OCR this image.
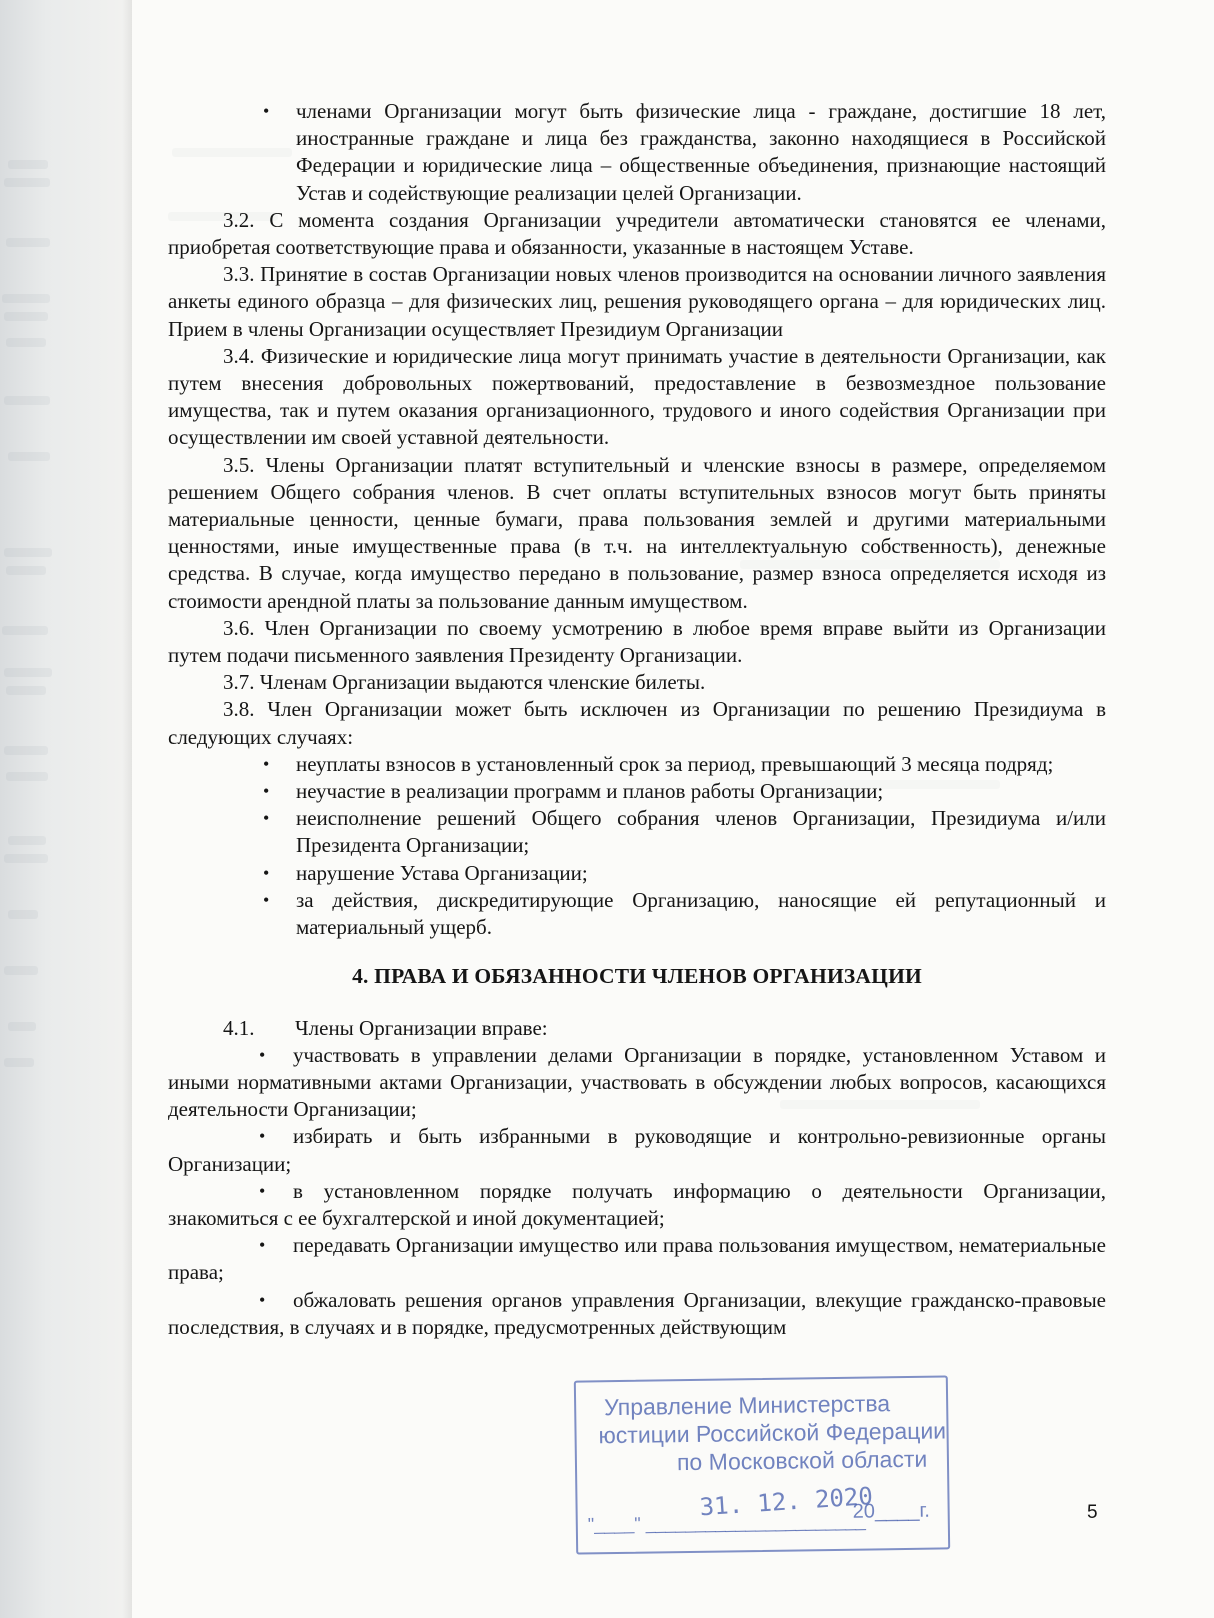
• членами Организации могут быть физические лица - граждане, достигшие 18 лет, иностранные граждане и лица без гражданства, законно находящиеся в Российской Федерации и юридические лица – общественные объединения, признающие настоящий Устав и содействующие реализации целей Организации.

3.2. С момента создания Организации учредители автоматически становятся ее членами, приобретая соответствующие права и обязанности, указанные в настоящем Уставе.

3.3. Принятие в состав Организации новых членов производится на основании личного заявления анкеты единого образца – для физических лиц, решения руководящего органа – для юридических лиц. Прием в члены Организации осуществляет Президиум Организации

3.4. Физические и юридические лица могут принимать участие в деятельности Организации, как путем внесения добровольных пожертвований, предоставление в безвозмездное пользование имущества, так и путем оказания организационного, трудового и иного содействия Организации при осуществлении им своей уставной деятельности.

3.5. Члены Организации платят вступительный и членские взносы в размере, определяемом решением Общего собрания членов. В счет оплаты вступительных взносов могут быть приняты материальные ценности, ценные бумаги, права пользования землей и другими материальными ценностями, иные имущественные права (в т.ч. на интеллектуальную собственность), денежные средства. В случае, когда имущество передано в пользование, размер взноса определяется исходя из стоимости арендной платы за пользование данным имуществом.

3.6. Член Организации по своему усмотрению в любое время вправе выйти из Организации путем подачи письменного заявления Президенту Организации.

3.7. Членам Организации выдаются членские билеты.

3.8. Член Организации может быть исключен из Организации по решению Президиума в следующих случаях:

• неуплаты взносов в установленный срок за период, превышающий 3 месяца подряд;

• неучастие в реализации программ и планов работы Организации;

• неисполнение решений Общего собрания членов Организации, Президиума и/или Президента Организации;

• нарушение Устава Организации;

• за действия, дискредитирующие Организацию, наносящие ей репутационный и материальный ущерб.

4. ПРАВА И ОБЯЗАННОСТИ ЧЛЕНОВ ОРГАНИЗАЦИИ

4.1. Члены Организации вправе:

• участвовать в управлении делами Организации в порядке, установленном Уставом и иными нормативными актами Организации, участвовать в обсуждении любых вопросов, касающихся деятельности Организации;

• избирать и быть избранными в руководящие и контрольно-ревизионные органы Организации;

• в установленном порядке получать информацию о деятельности Организации, знакомиться с ее бухгалтерской и иной документацией;

• передавать Организации имущество или права пользования имуществом, нематериальные права;

• обжаловать решения органов управления Организации, влекущие гражданско-правовые последствия, в случаях и в порядке, предусмотренных действующим

Управление Министерства
юстиции Российской Федерации
по Московской области
31. 12. 2020
"____" ______________________
20____г.	5
